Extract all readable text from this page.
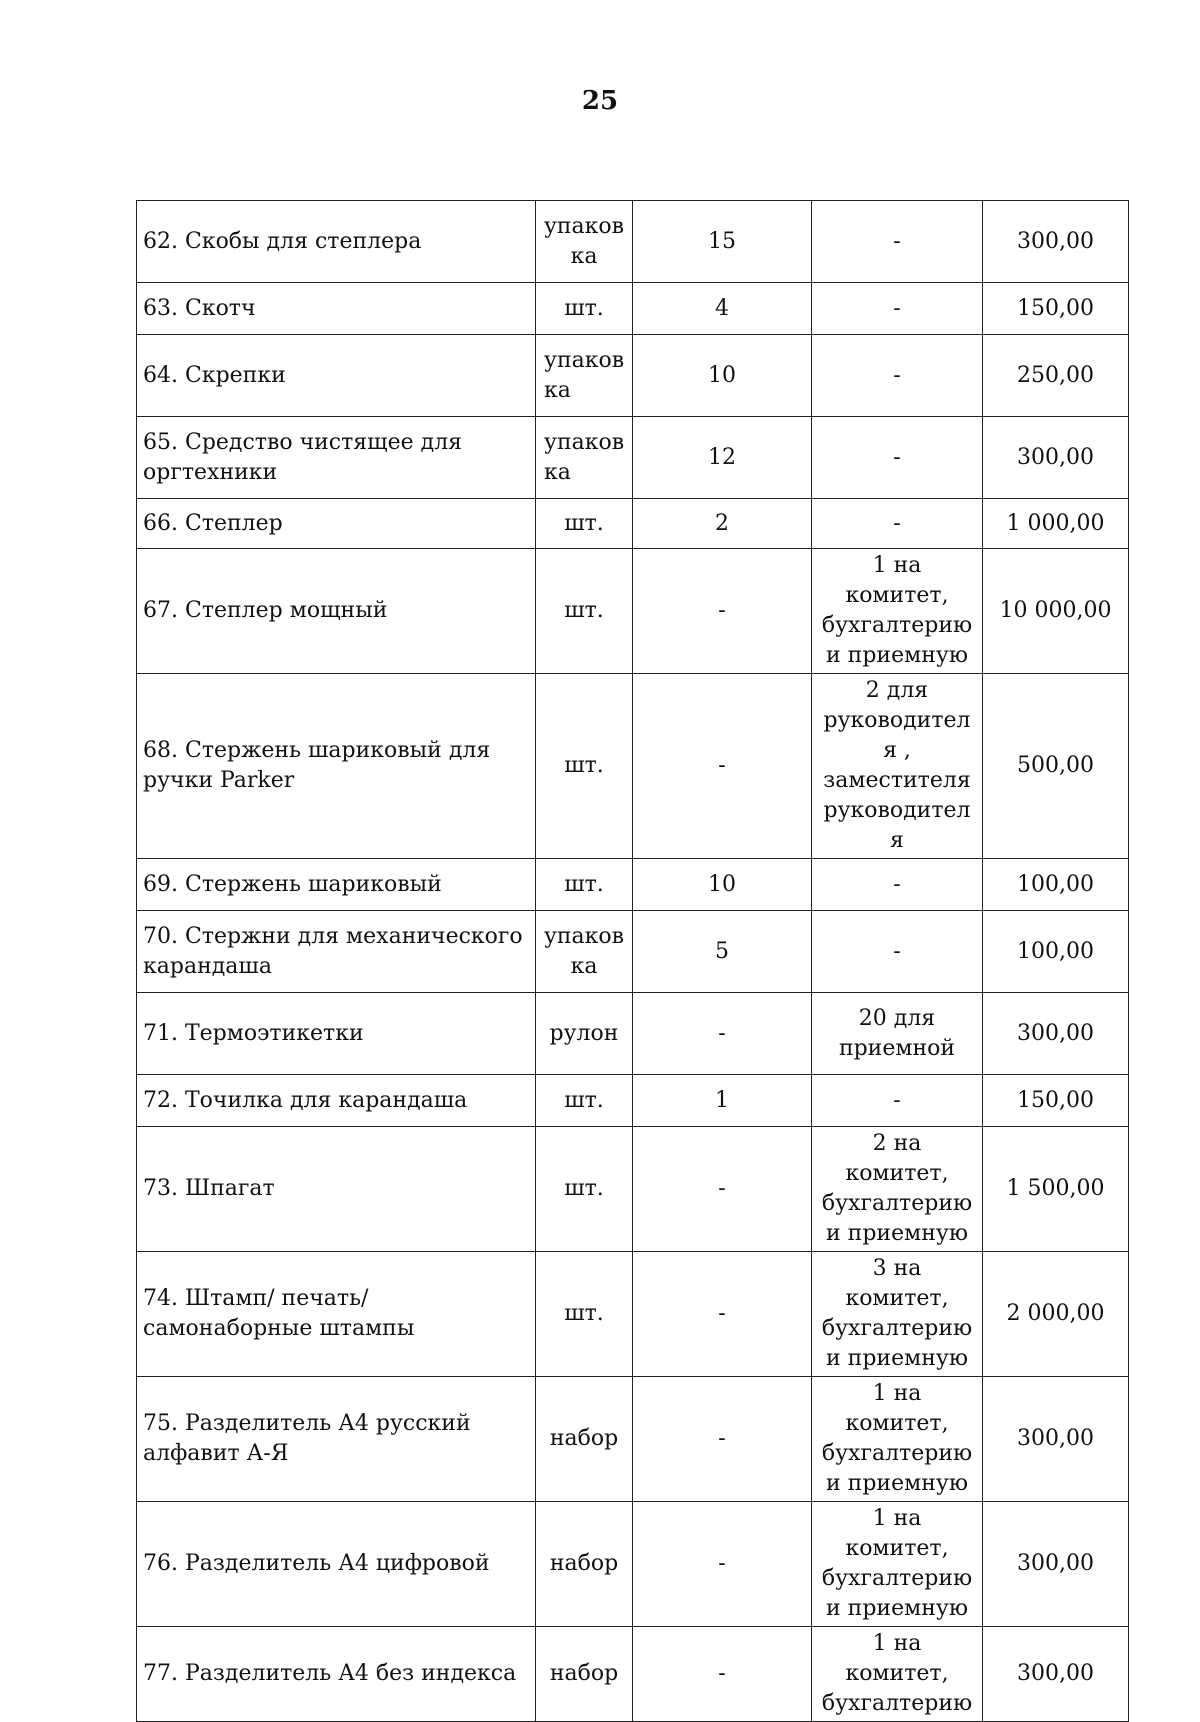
25
62. Скобы для степлера	упаков ка	15	-	300,00
63. Скотч	шт.	4	-	150,00
64. Скрепки	упаков ка	10	-	250,00
65. Средство чистящее для оргтехники	упаков ка	12	-	300,00
66. Степлер	шт.	2	-	1 000,00
67. Степлер мощный	шт.	-	1 на комитет, бухгалтерию и приемную	10 000,00
68. Стержень шариковый для ручки Parker	шт.	-	2 для руководителя , заместителя руководителя	500,00
69. Стержень шариковый	шт.	10	-	100,00
70. Стержни для механического карандаша	упаков ка	5	-	100,00
71. Термоэтикетки	рулон	-	20 для приемной	300,00
72. Точилка для карандаша	шт.	1	-	150,00
73. Шпагат	шт.	-	2 на комитет, бухгалтерию и приемную	1 500,00
74. Штамп/ печать/ самонаборные штампы	шт.	-	3 на комитет, бухгалтерию и приемную	2 000,00
75. Разделитель А4 русский алфавит А-Я	набор	-	1 на комитет, бухгалтерию и приемную	300,00
76. Разделитель А4 цифровой	набор	-	1 на комитет, бухгалтерию и приемную	300,00
77. Разделитель А4 без индекса	набор	-	1 на комитет, бухгалтерию	300,00
